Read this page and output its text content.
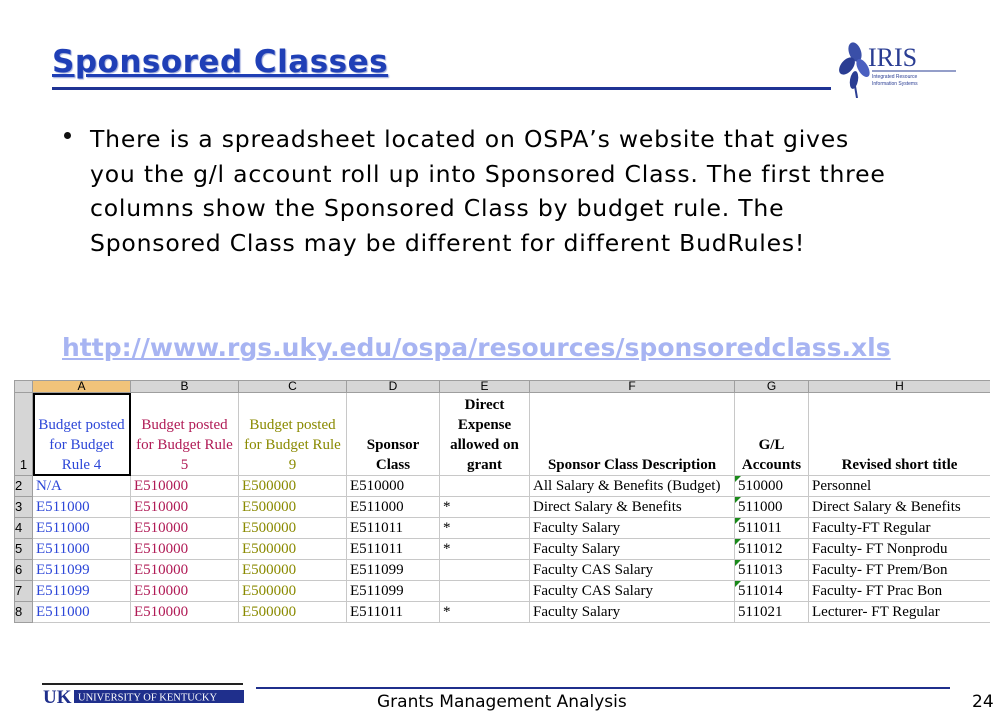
Sponsored Classes	IRIS
Integrated Resource
Information Systems
There is a spreadsheet located on OSPA’s website that gives you the g/l account roll up into Sponsored Class. The first three columns show the Sponsored Class by budget rule. The Sponsored Class may be different for different BudRules!
http://www.rgs.uky.edu/ospa/resources/sponsoredclass.xls
	A	B	C	D	E	F	G	H
1	Budget posted for Budget Rule 4	Budget posted for Budget Rule 5	Budget posted for Budget Rule 9	Sponsor Class	Direct Expense allowed on grant	Sponsor Class Description	G/L Accounts	Revised short title
2	N/A	E510000	E500000	E510000		All Salary & Benefits (Budget)	510000	Personnel
3	E511000	E510000	E500000	E511000	*	Direct Salary & Benefits	511000	Direct Salary & Benefits
4	E511000	E510000	E500000	E511011	*	Faculty Salary	511011	Faculty-FT Regular
5	E511000	E510000	E500000	E511011	*	Faculty Salary	511012	Faculty- FT Nonprodu
6	E511099	E510000	E500000	E511099		Faculty CAS Salary	511013	Faculty- FT Prem/Bon
7	E511099	E510000	E500000	E511099		Faculty CAS Salary	511014	Faculty- FT Prac Bon
8	E511000	E510000	E500000	E511011	*	Faculty Salary	511021	Lecturer- FT Regular
UK UNIVERSITY OF KENTUCKY	Grants Management Analysis	24
